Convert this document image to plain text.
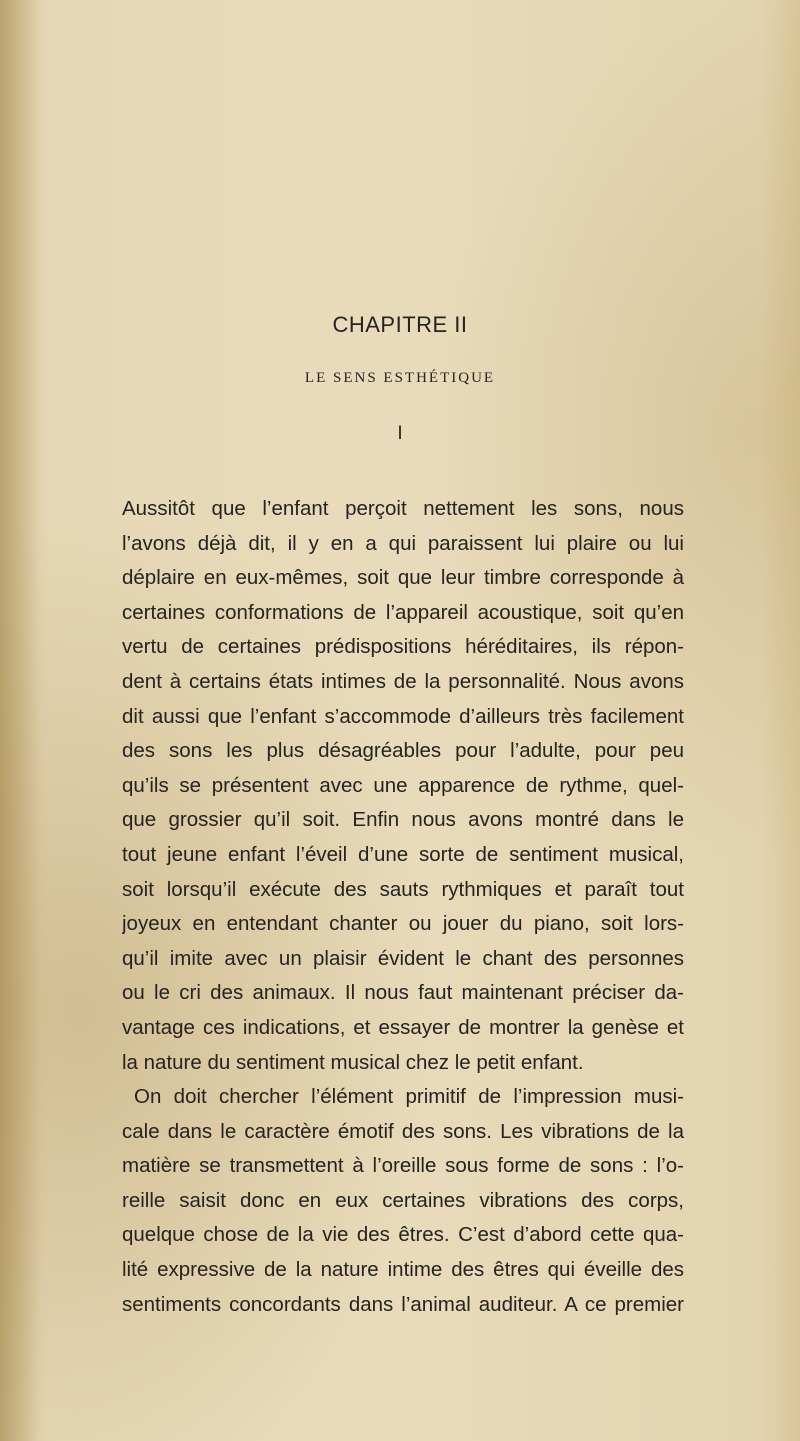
CHAPITRE II
LE SENS ESTHÉTIQUE
I
Aussitôt que l’enfant perçoit nettement les sons, nous
l’avons déjà dit, il y en a qui paraissent lui plaire ou lui
déplaire en eux-mêmes, soit que leur timbre corresponde à
certaines conformations de l’appareil acoustique, soit qu’en
vertu de certaines prédispositions héréditaires, ils répon-
dent à certains états intimes de la personnalité. Nous avons
dit aussi que l’enfant s’accommode d’ailleurs très facilement
des sons les plus désagréables pour l’adulte, pour peu
qu’ils se présentent avec une apparence de rythme, quel-
que grossier qu’il soit. Enfin nous avons montré dans le
tout jeune enfant l’éveil d’une sorte de sentiment musical,
soit lorsqu’il exécute des sauts rythmiques et paraît tout
joyeux en entendant chanter ou jouer du piano, soit lors-
qu’il imite avec un plaisir évident le chant des personnes
ou le cri des animaux. Il nous faut maintenant préciser da-
vantage ces indications, et essayer de montrer la genèse et
la nature du sentiment musical chez le petit enfant.
On doit chercher l’élément primitif de l’impression musi-
cale dans le caractère émotif des sons. Les vibrations de la
matière se transmettent à l’oreille sous forme de sons : l’o-
reille saisit donc en eux certaines vibrations des corps,
quelque chose de la vie des êtres. C’est d’abord cette qua-
lité expressive de la nature intime des êtres qui éveille des
sentiments concordants dans l’animal auditeur. A ce premier
